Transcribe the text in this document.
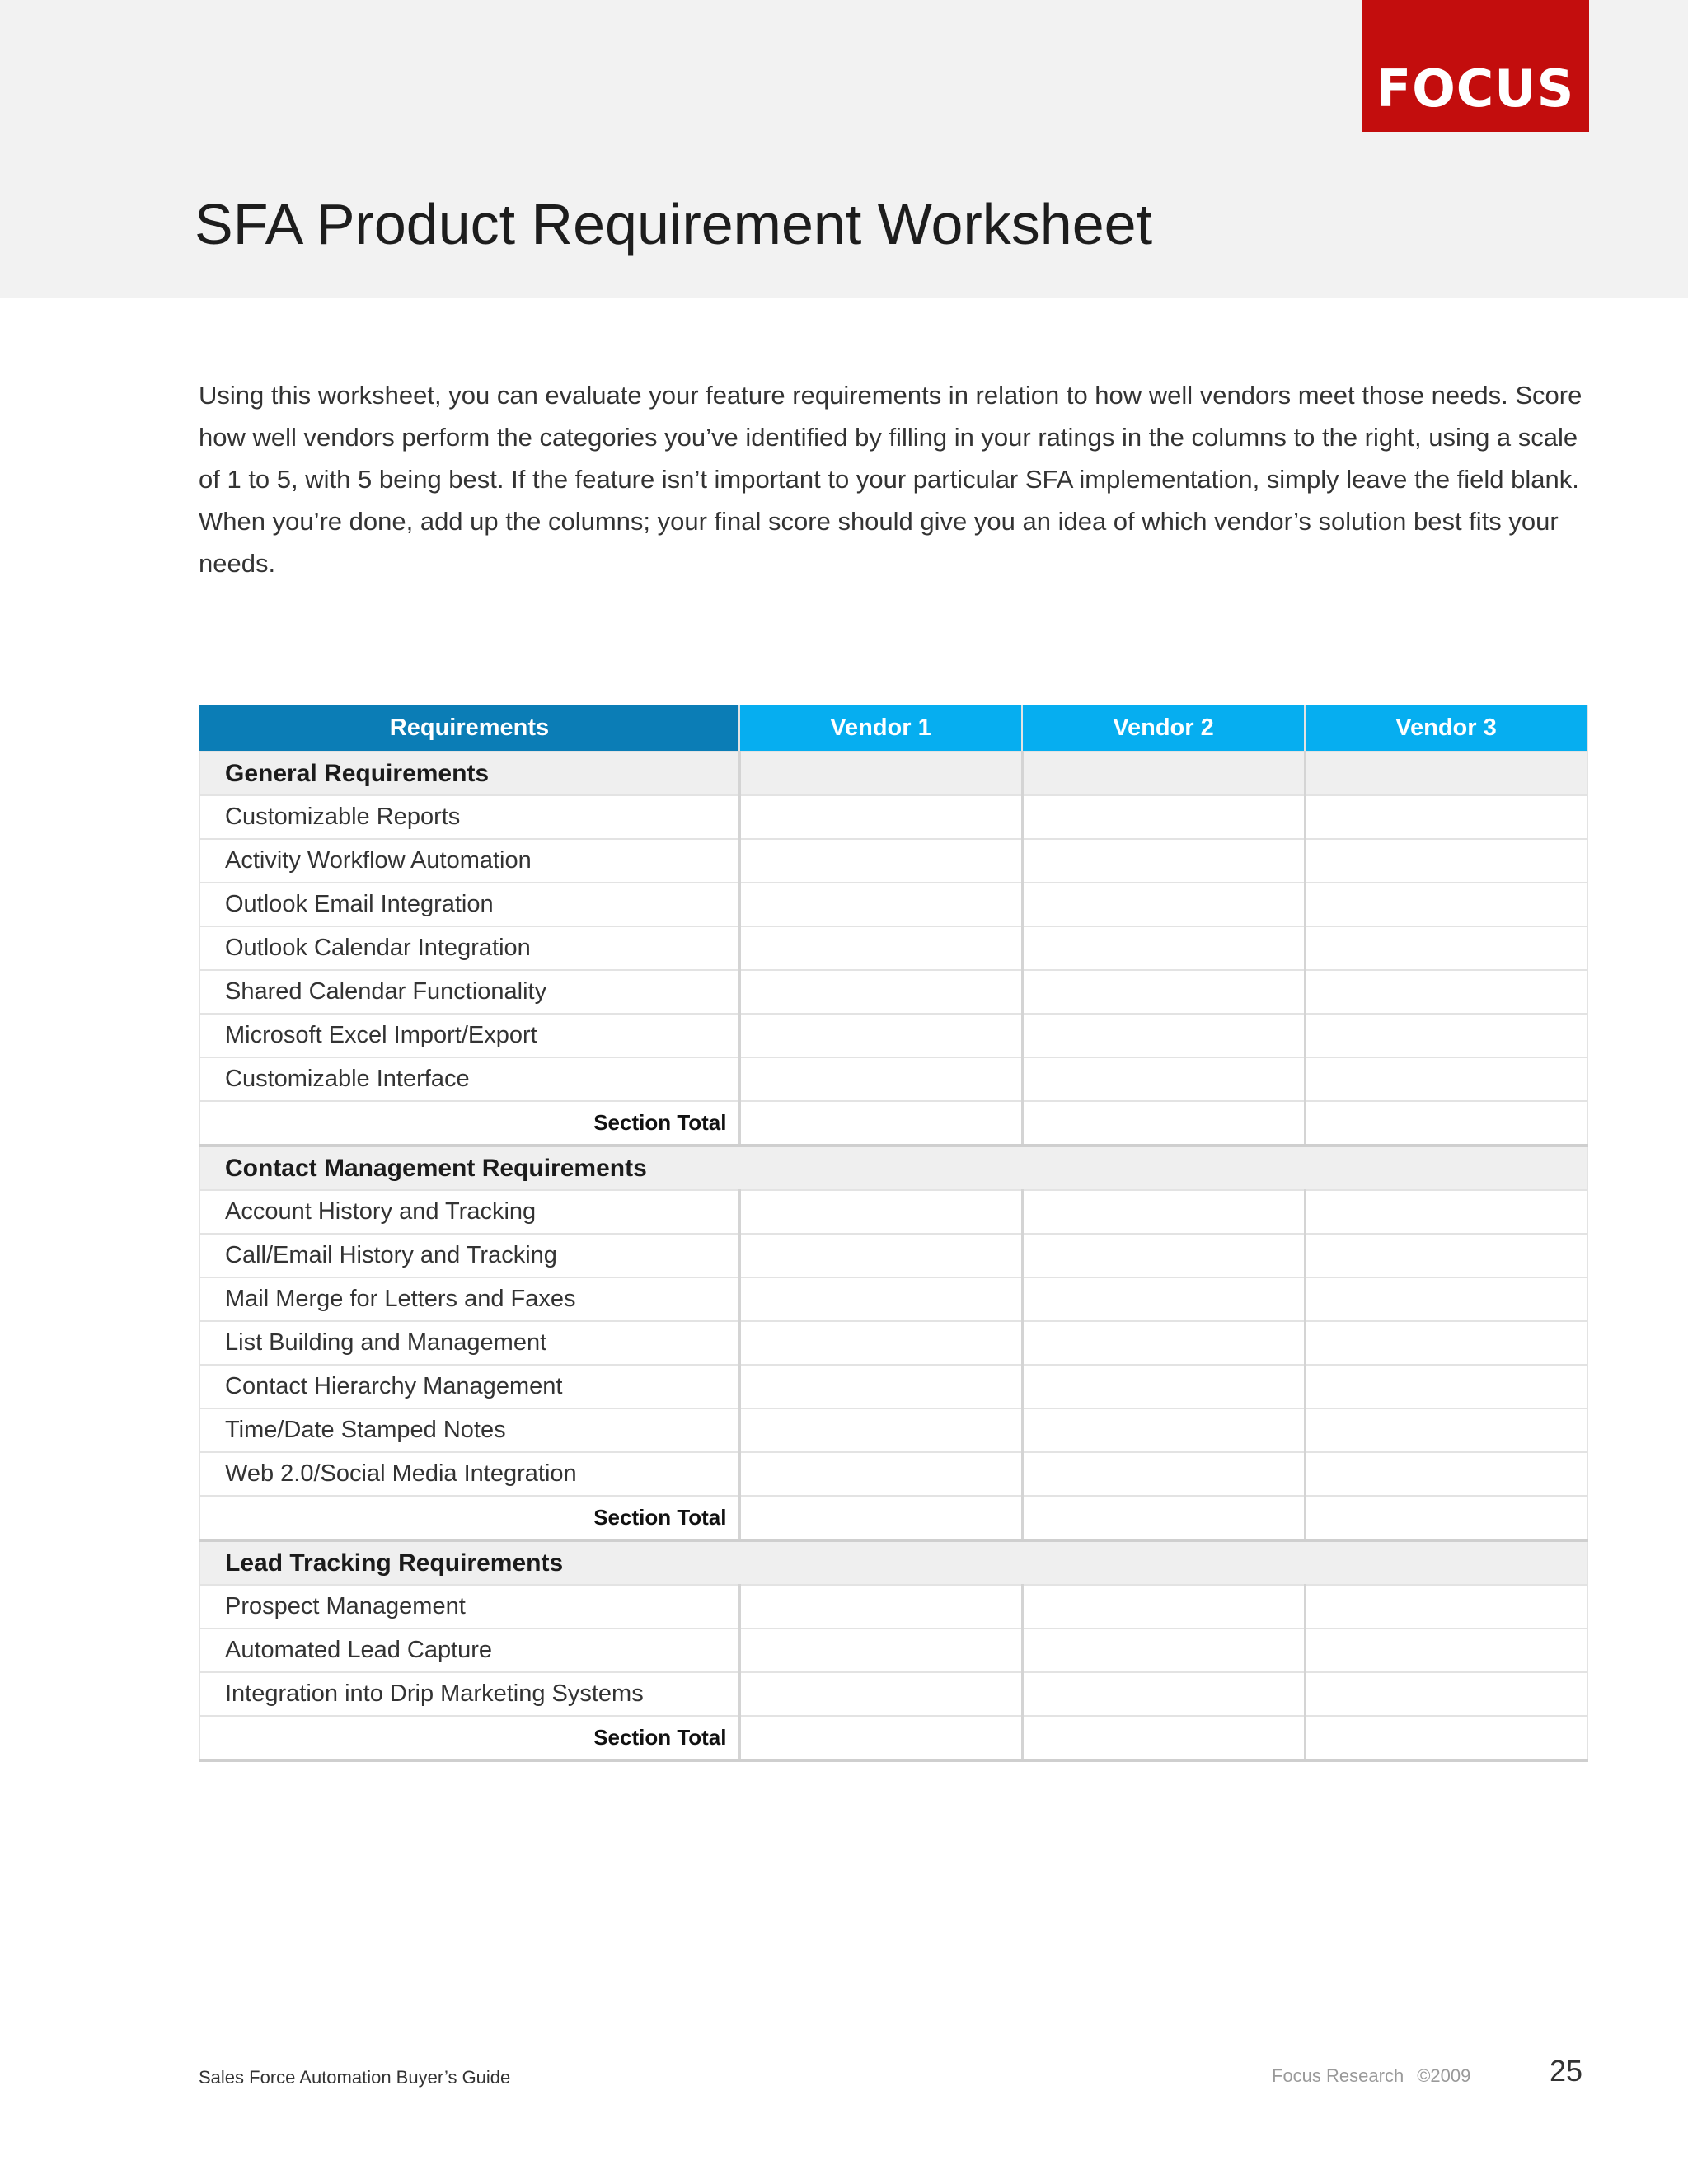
FOCUS
SFA Product Requirement Worksheet

Using this worksheet, you can evaluate your feature requirements in relation to how well vendors meet those needs. Score how well vendors perform the categories you’ve identified by filling in your ratings in the columns to the right, using a scale of 1 to 5, with 5 being best. If the feature isn’t important to your particular SFA implementation, simply leave the field blank. When you’re done, add up the columns; your final score should give you an idea of which vendor’s solution best fits your needs.

Requirements	Vendor 1	Vendor 2	Vendor 3
General Requirements			
Customizable Reports			
Activity Workflow Automation			
Outlook Email Integration			
Outlook Calendar Integration			
Shared Calendar Functionality			
Microsoft Excel Import/Export			
Customizable Interface			
Section Total			
Contact Management Requirements			
Account History and Tracking			
Call/Email History and Tracking			
Mail Merge for Letters and Faxes			
List Building and Management			
Contact Hierarchy Management			
Time/Date Stamped Notes			
Web 2.0/Social Media Integration			
Section Total			
Lead Tracking Requirements			
Prospect Management			
Automated Lead Capture			
Integration into Drip Marketing Systems			
Section Total			
Sales Force Automation Buyer’s Guide	Focus Research ©2009	25
